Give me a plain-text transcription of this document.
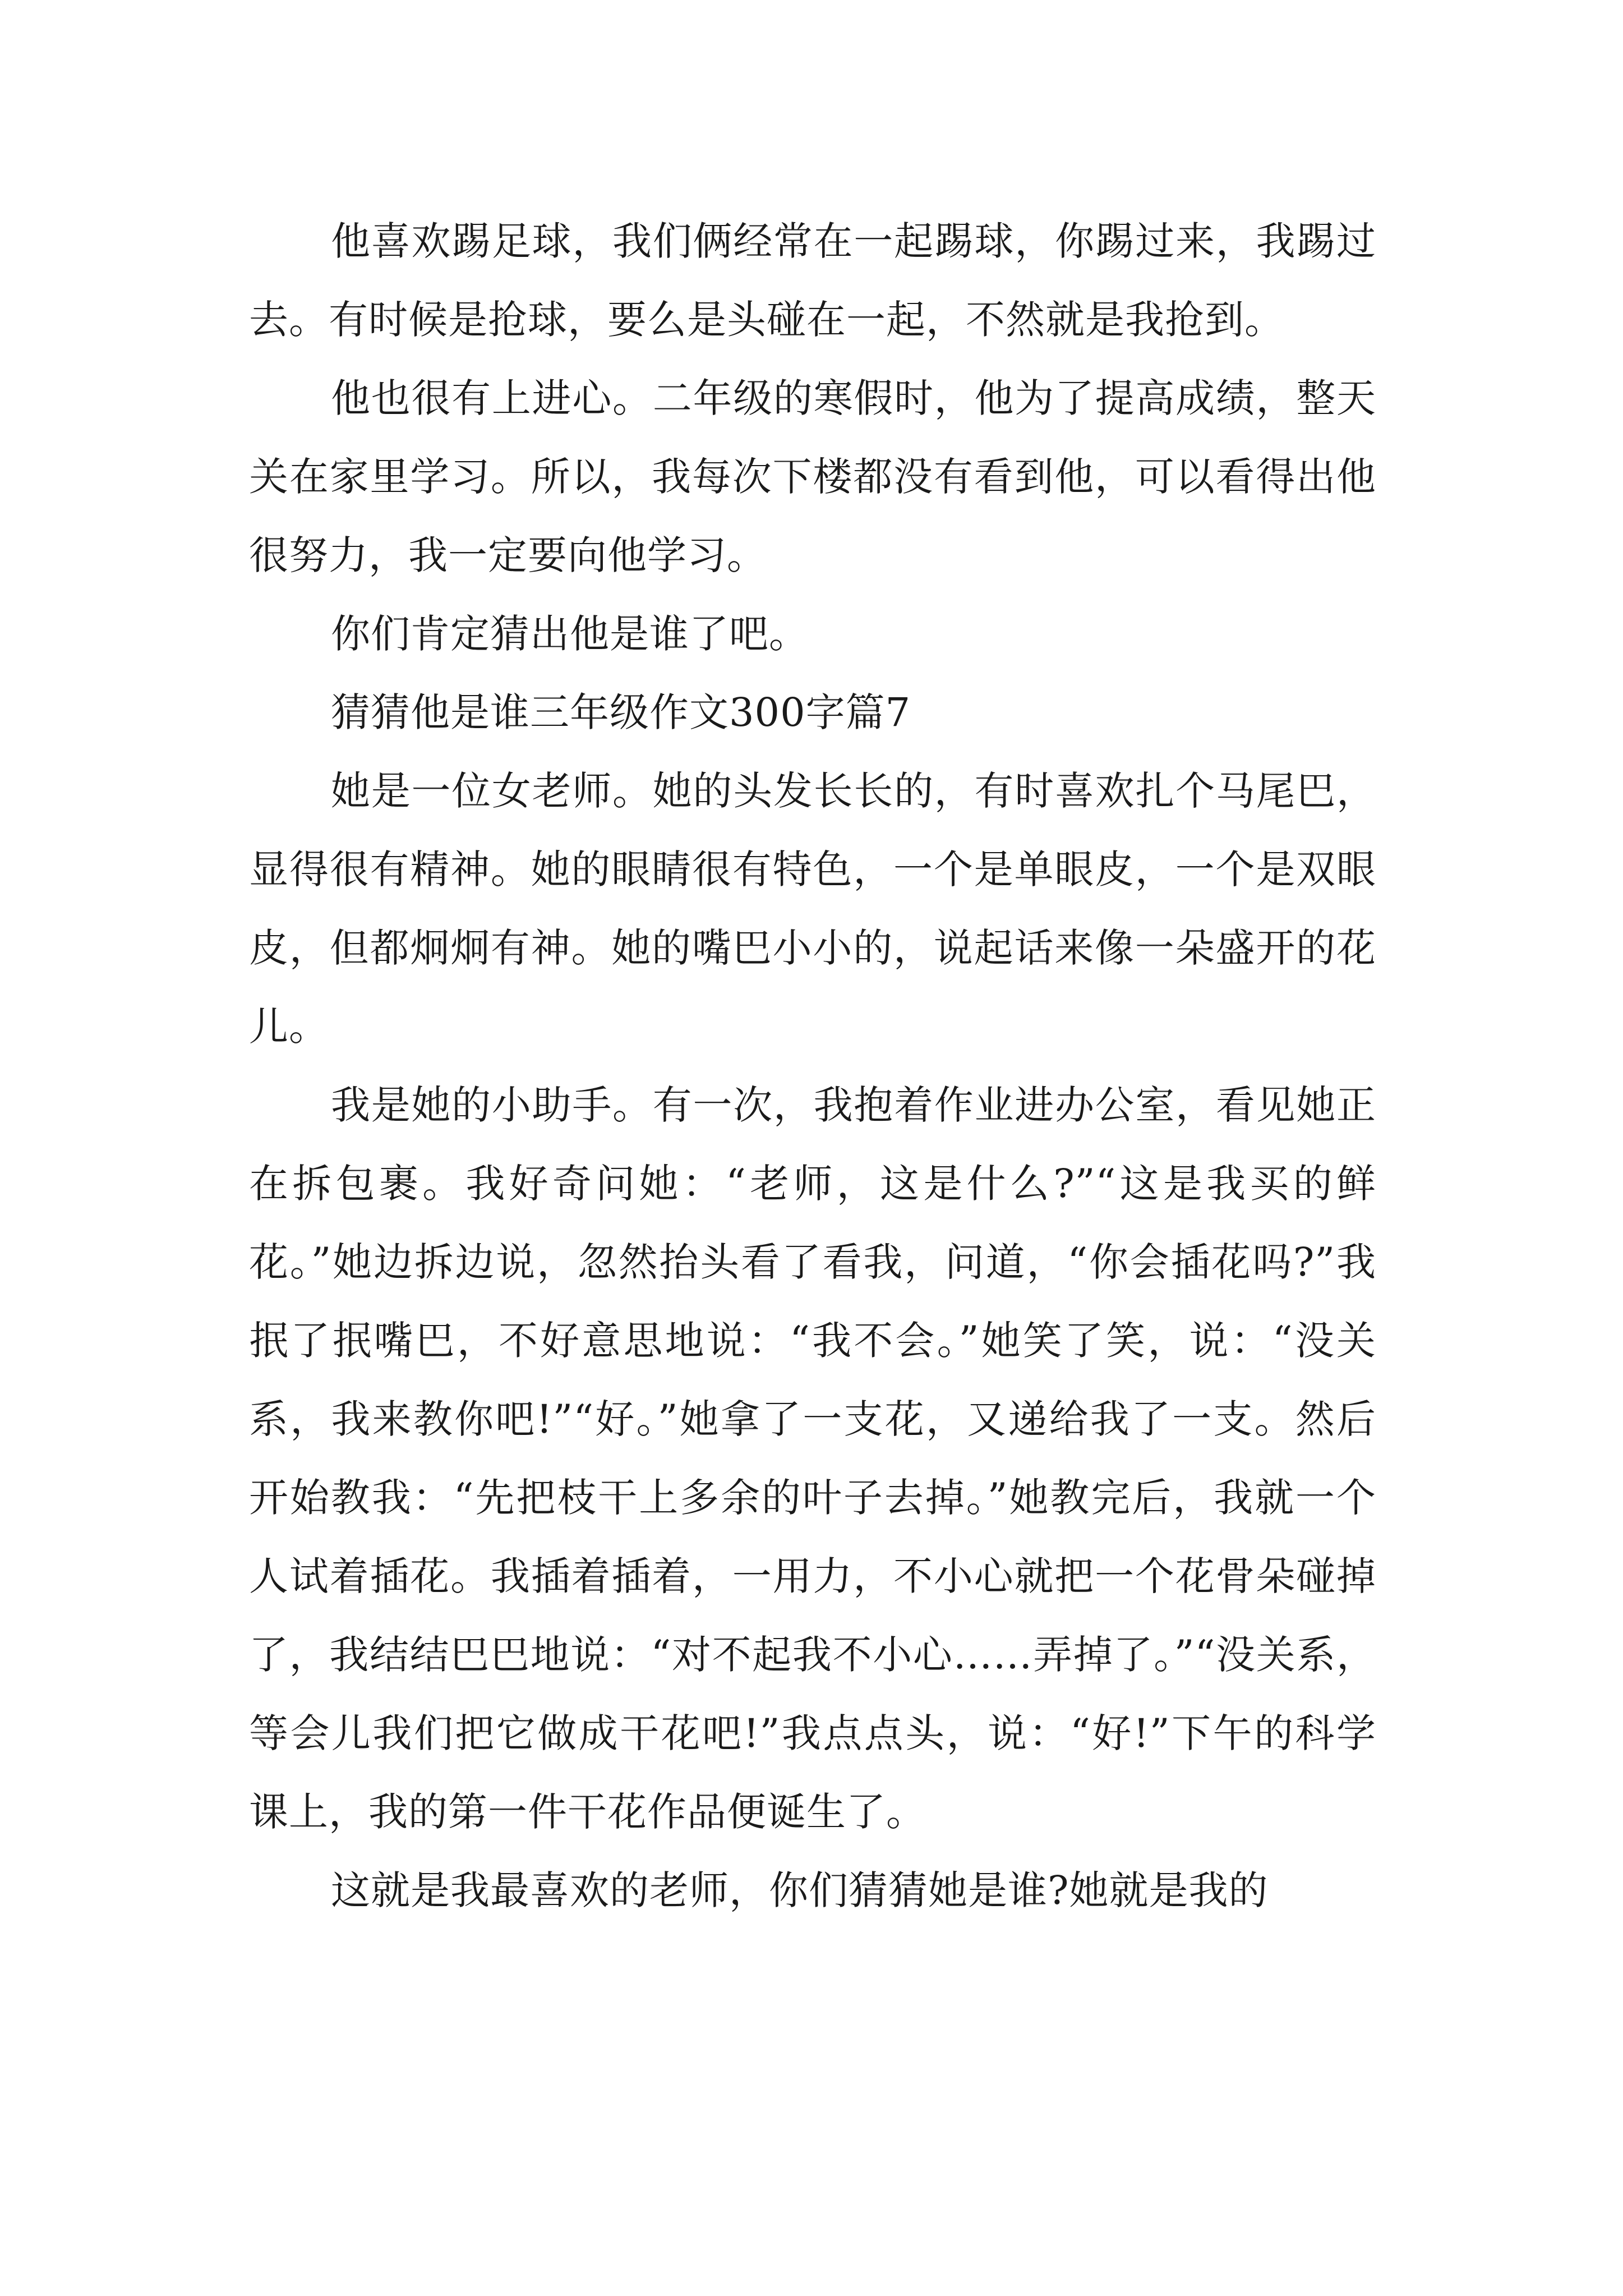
他喜欢踢足球，我们俩经常在一起踢球，你踢过来，我踢过去。有时候是抢球，要么是头碰在一起，不然就是我抢到。

他也很有上进心。二年级的寒假时，他为了提高成绩，整天关在家里学习。所以，我每次下楼都没有看到他，可以看得出他很努力，我一定要向他学习。

你们肯定猜出他是谁了吧。

猜猜他是谁三年级作文300字篇7

她是一位女老师。她的头发长长的，有时喜欢扎个马尾巴，显得很有精神。她的眼睛很有特色，一个是单眼皮，一个是双眼皮，但都炯炯有神。她的嘴巴小小的，说起话来像一朵盛开的花儿。

我是她的小助手。有一次，我抱着作业进办公室，看见她正在拆包裹。我好奇问她：“老师，这是什么?”“这是我买的鲜花。”她边拆边说，忽然抬头看了看我，问道，“你会插花吗?”我抿了抿嘴巴，不好意思地说：“我不会。”她笑了笑，说：“没关系，我来教你吧!”“好。”她拿了一支花，又递给我了一支。然后开始教我：“先把枝干上多余的叶子去掉。”她教完后，我就一个人试着插花。我插着插着，一用力，不小心就把一个花骨朵碰掉了，我结结巴巴地说：“对不起我不小心……弄掉了。”“没关系，等会儿我们把它做成干花吧!”我点点头，说：“好!”下午的科学课上，我的第一件干花作品便诞生了。

这就是我最喜欢的老师，你们猜猜她是谁?她就是我的
